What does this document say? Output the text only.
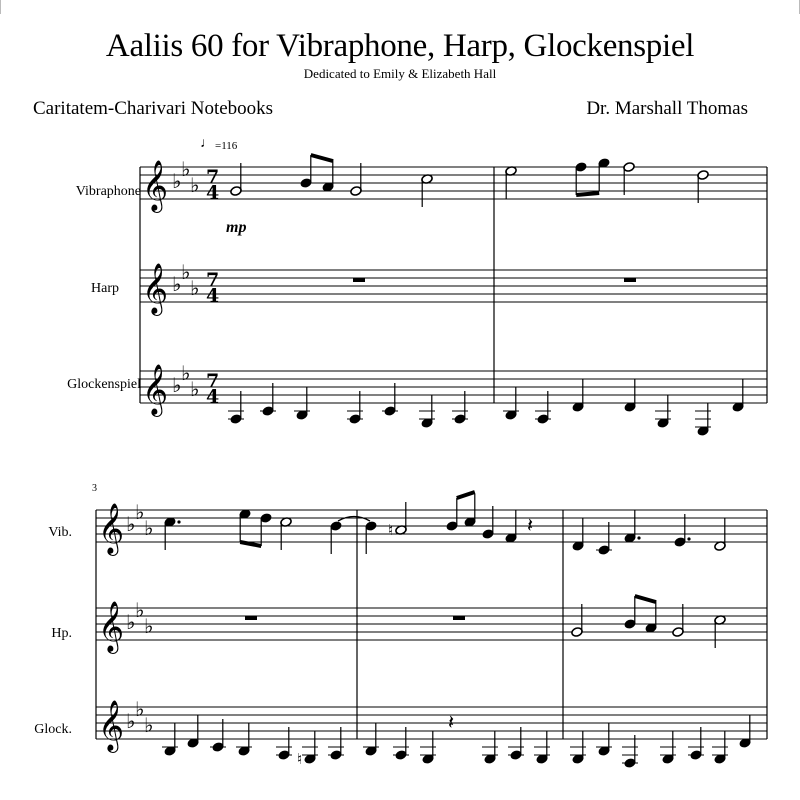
Aaliis 60 for Vibraphone, Harp, Glockenspiel
Dedicated to Emily & Elizabeth Hall
Caritatem-Charivari Notebooks	Dr. Marshall Thomas
Vibraphone
Harp
Glockenspiel
Vib.
Hp.
Glock.
♩ =116
mp
3
𝄞 ♭ ♭
♭ 7
4
𝄞 ♭ ♭
♭ 7
4
𝄞 ♭ ♭
♭ 7
4
𝄞 ♭ ♭
♭
𝄞 ♭ ♭
♭
𝄞 ♭ ♭
♭
♮	𝄽
♮
𝄽
